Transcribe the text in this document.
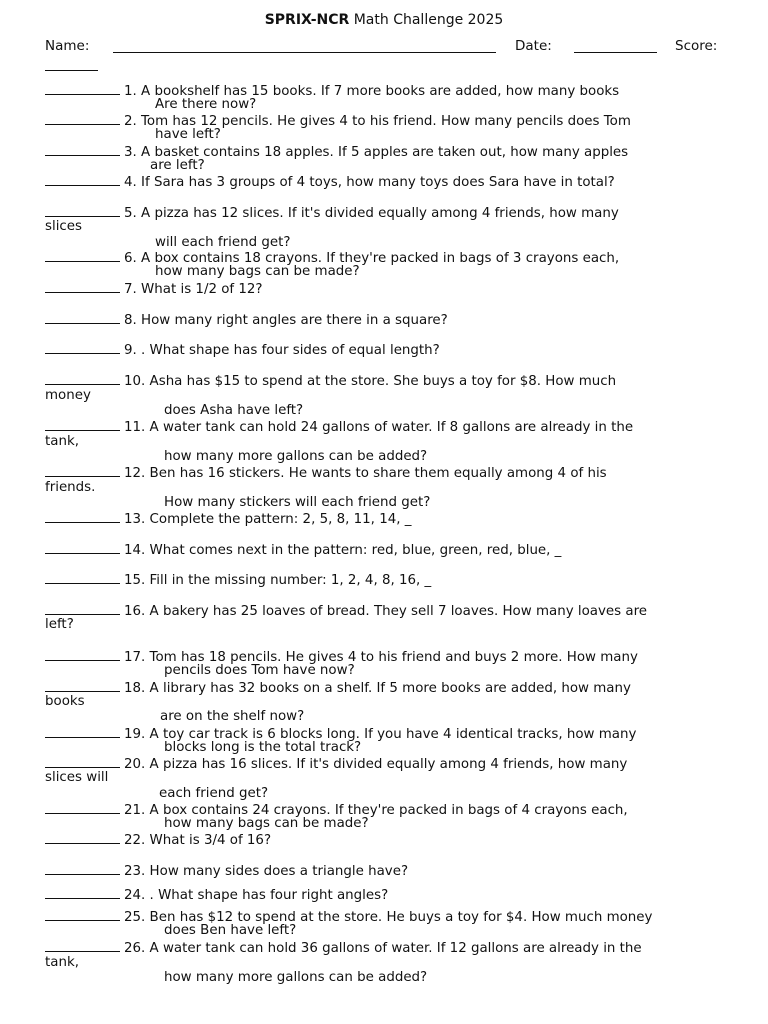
SPRIX-NCR Math Challenge 2025
Name:	Date:	Score:
1. A bookshelf has 15 books. If 7 more books are added, how many books
Are there now?
2. Tom has 12 pencils. He gives 4 to his friend. How many pencils does Tom
have left?
3. A basket contains 18 apples. If 5 apples are taken out, how many apples
are left?
4. If Sara has 3 groups of 4 toys, how many toys does Sara have in total?
5. A pizza has 12 slices. If it's divided equally among 4 friends, how many
slices
will each friend get?
6. A box contains 18 crayons. If they're packed in bags of 3 crayons each,
how many bags can be made?
7. What is 1/2 of 12?
8. How many right angles are there in a square?
9. . What shape has four sides of equal length?
10. Asha has $15 to spend at the store. She buys a toy for $8. How much
money
does Asha have left?
11. A water tank can hold 24 gallons of water. If 8 gallons are already in the
tank,
how many more gallons can be added?
12. Ben has 16 stickers. He wants to share them equally among 4 of his
friends.
How many stickers will each friend get?
13. Complete the pattern: 2, 5, 8, 11, 14, _
14. What comes next in the pattern: red, blue, green, red, blue, _
15. Fill in the missing number: 1, 2, 4, 8, 16, _
16. A bakery has 25 loaves of bread. They sell 7 loaves. How many loaves are
left?
17. Tom has 18 pencils. He gives 4 to his friend and buys 2 more. How many
pencils does Tom have now?
18. A library has 32 books on a shelf. If 5 more books are added, how many
books
are on the shelf now?
19. A toy car track is 6 blocks long. If you have 4 identical tracks, how many
blocks long is the total track?
20. A pizza has 16 slices. If it's divided equally among 4 friends, how many
slices will
each friend get?
21. A box contains 24 crayons. If they're packed in bags of 4 crayons each,
how many bags can be made?
22. What is 3/4 of 16?
23. How many sides does a triangle have?
24. . What shape has four right angles?
25. Ben has $12 to spend at the store. He buys a toy for $4. How much money
does Ben have left?
26. A water tank can hold 36 gallons of water. If 12 gallons are already in the
tank,
how many more gallons can be added?
